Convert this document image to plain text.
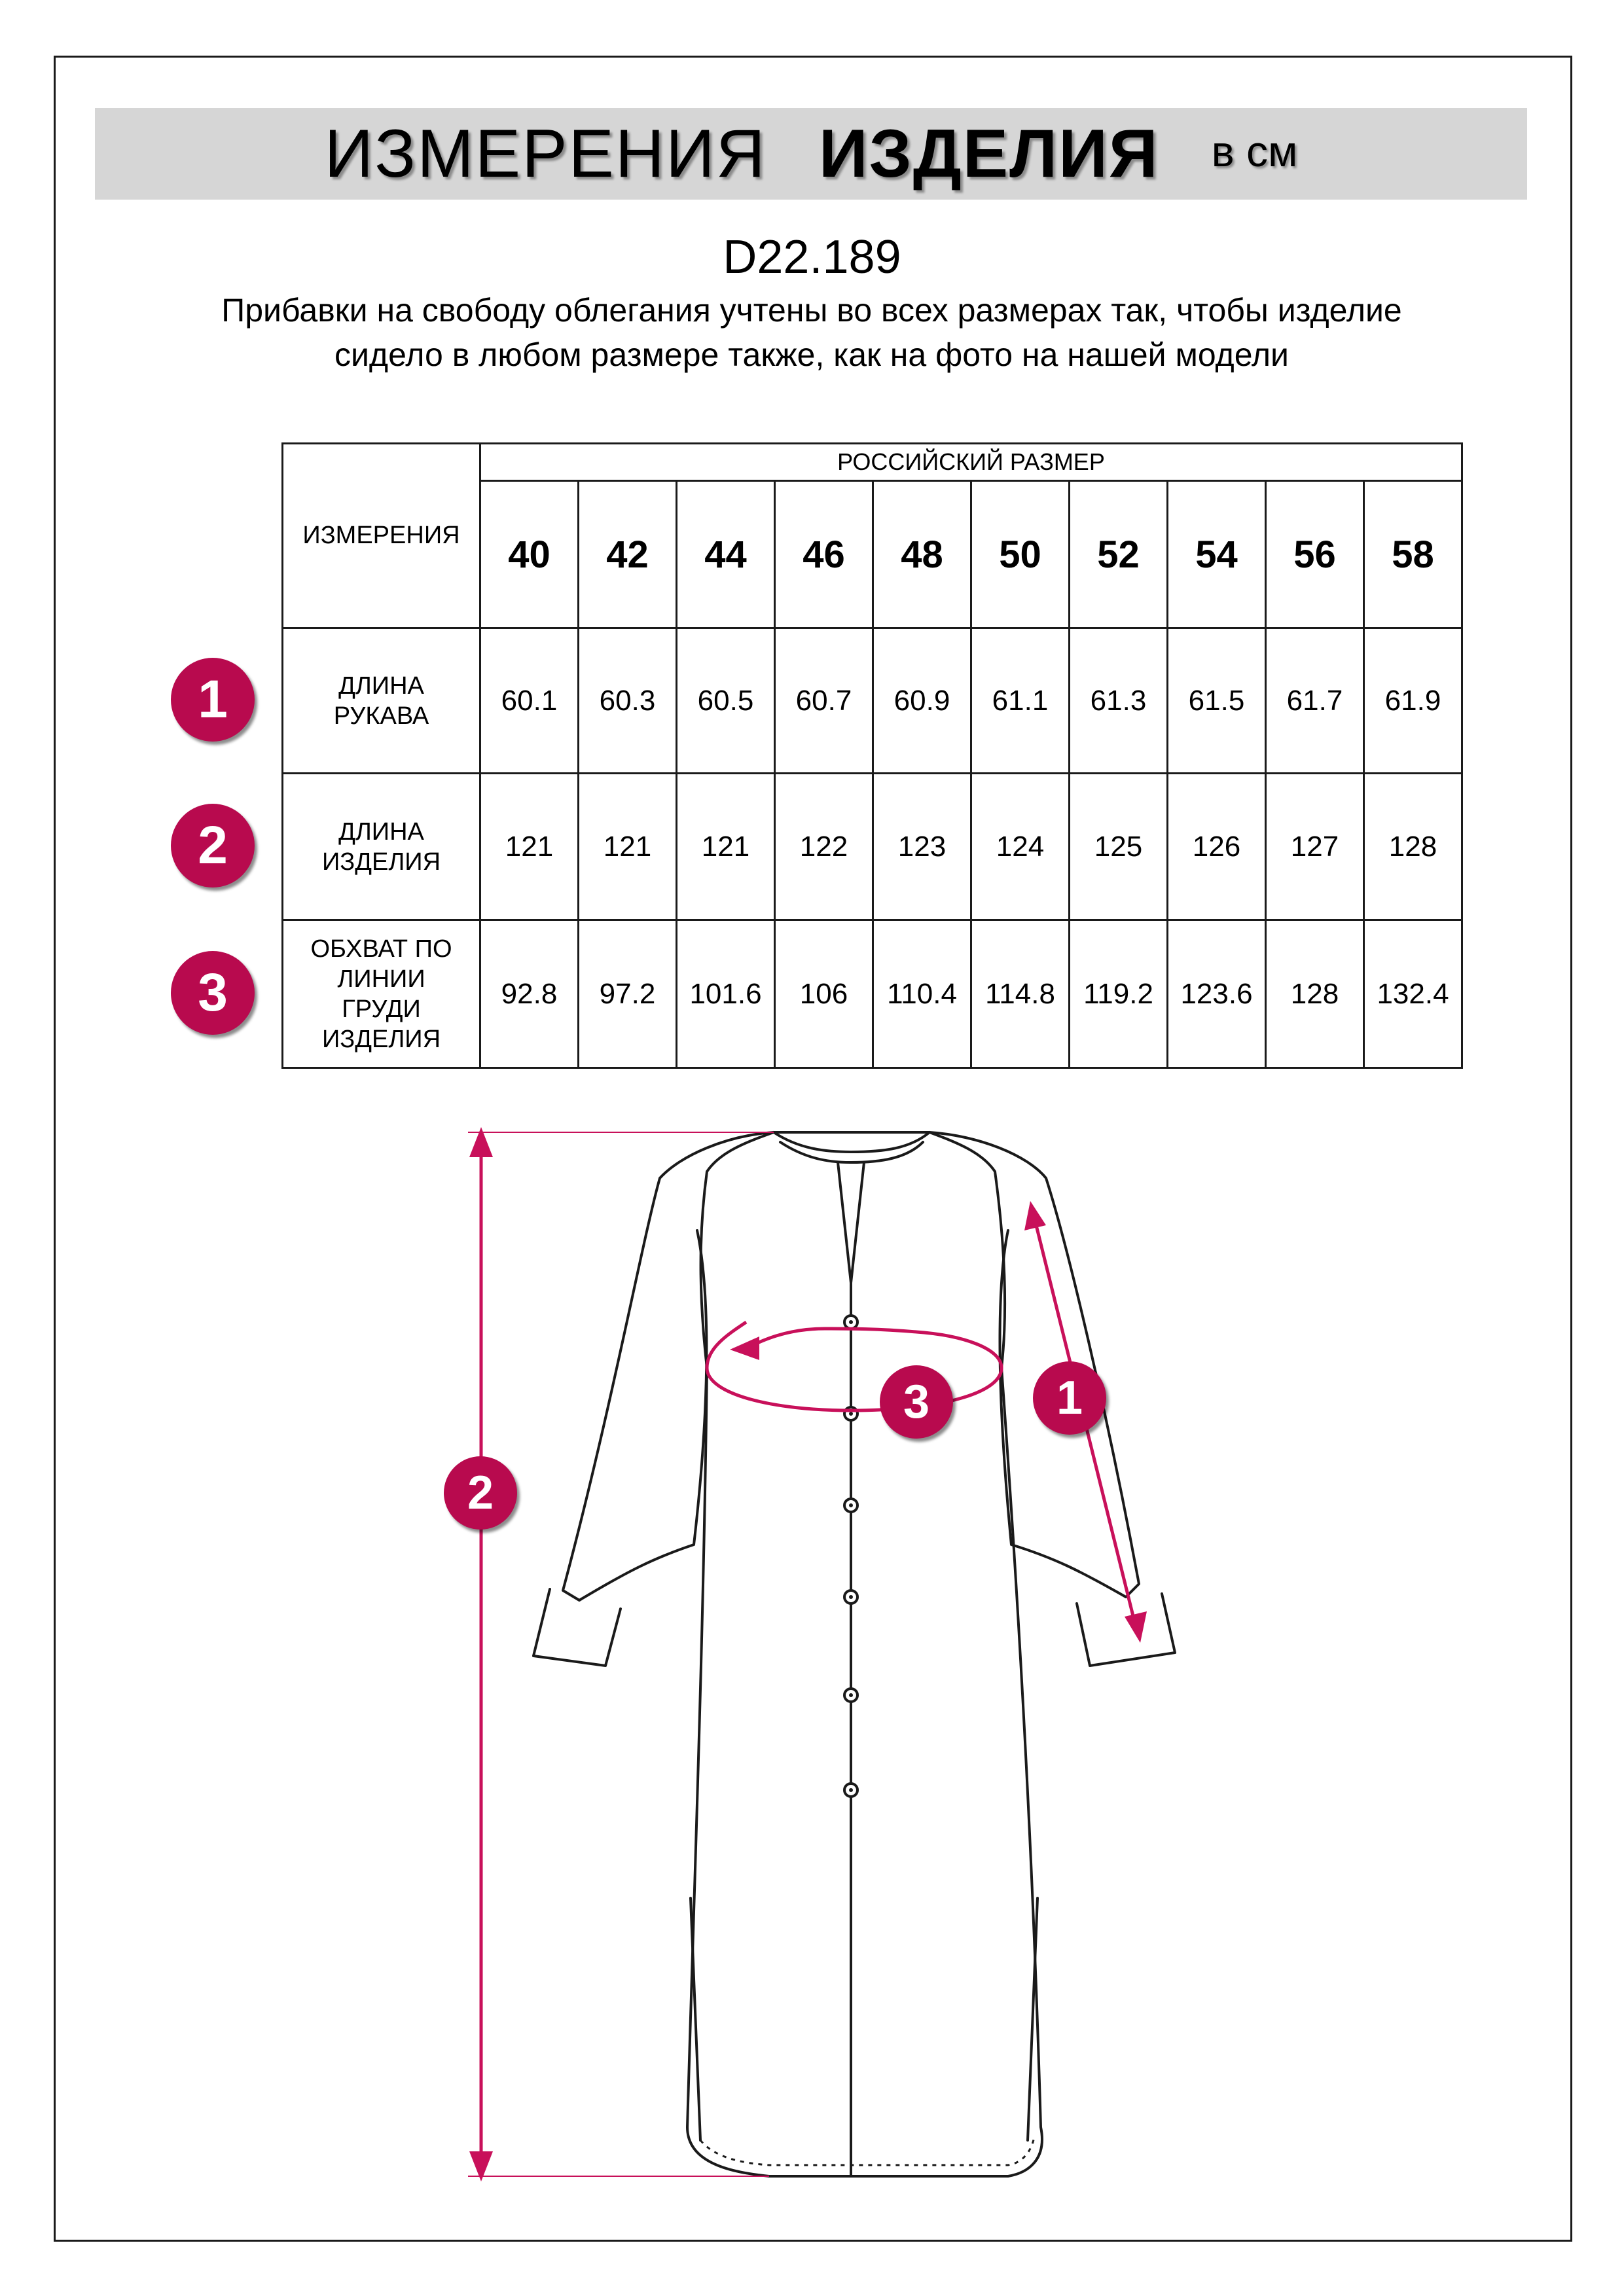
ИЗМЕРЕНИЯ ИЗДЕЛИЯ в см
D22.189
Прибавки на свободу облегания учтены во всех размерах так, чтобы изделие сидело в любом размере также, как на фото на нашей модели
ИЗМЕРЕНИЯ	РОССИЙСКИЙ РАЗМЕР									
	40	42	44	46	48	50	52	54	56	58
ДЛИНА
РУКАВА	60.1	60.3	60.5	60.7	60.9	61.1	61.3	61.5	61.7	61.9
ДЛИНА
ИЗДЕЛИЯ	121	121	121	122	123	124	125	126	127	128
ОБХВАТ ПО
ЛИНИИ
ГРУДИ
ИЗДЕЛИЯ	92.8	97.2	101.6	106	110.4	114.8	119.2	123.6	128	132.4
1
2
3
2
3	1
